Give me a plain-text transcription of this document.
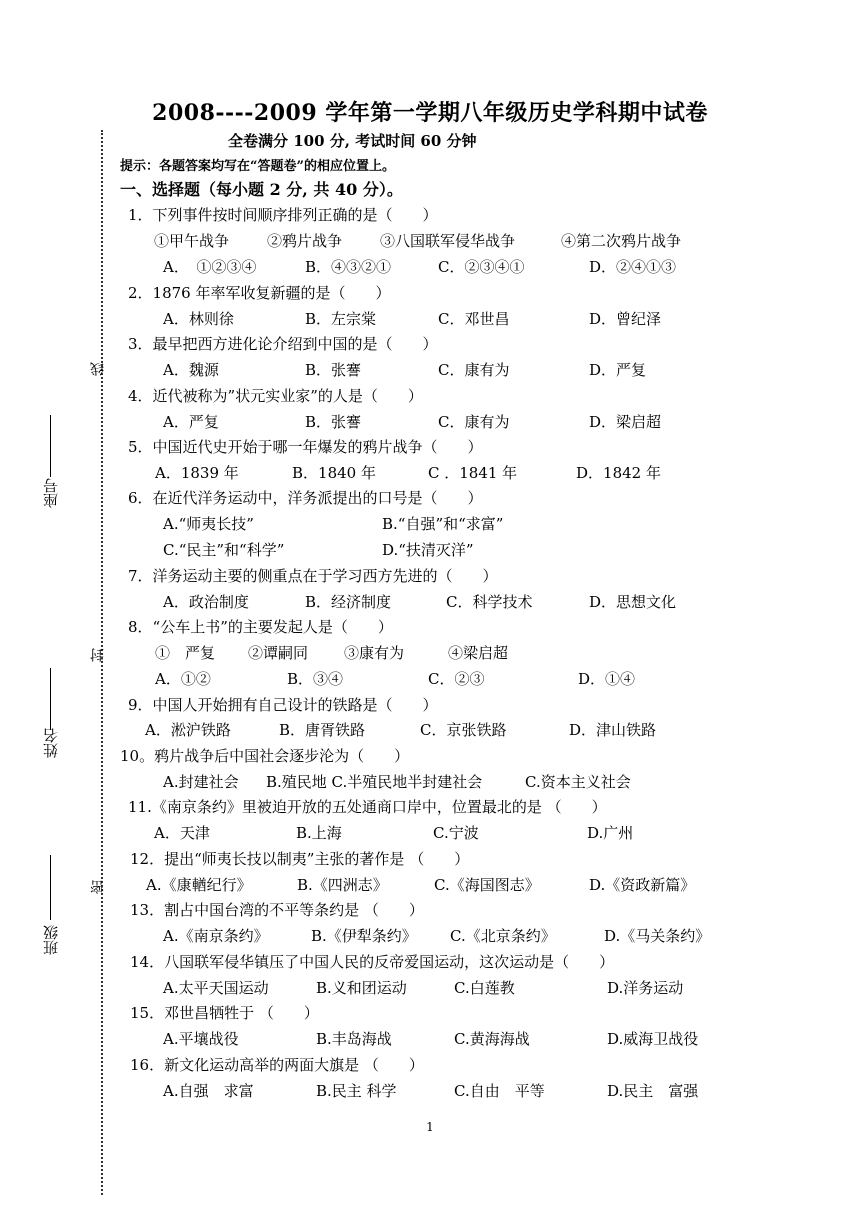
2008----2009 学年第一学期八年级历史学科期中试卷
全卷满分 100 分, 考试时间 60 分钟
提示：各题答案均写在“答题卷”的相应位置上。
一、选择题（每小题 2 分, 共 40 分）。
线
封
密
座号
姓名
班级
1．下列事件按时间顺序排列正确的是（　　）
①甲午战争	②鸦片战争	③八国联军侵华战争	④第二次鸦片战争
A．　①②③④	B．④③②①	C．②③④①	D．②④①③
2．1876 年率军收复新疆的是（　　）
A．林则徐	B．左宗棠	C．邓世昌	D．曾纪泽
3．最早把西方进化论介绍到中国的是（　　）
A．魏源	B．张謇	C．康有为	D．严复
4．近代被称为”状元实业家”的人是（　　）
A．严复	B．张謇	C．康有为	D．梁启超
5．中国近代史开始于哪一年爆发的鸦片战争（　　）
A．1839 年	B．1840 年	C ．1841 年	D．1842 年
6．在近代洋务运动中，洋务派提出的口号是（　　）
A.“师夷长技”	B.“自强”和“求富”
C.“民主”和“科学”	D.“扶清灭洋”
7．洋务运动主要的侧重点在于学习西方先进的（　　）
A．政治制度	B．经济制度	C．科学技术	D．思想文化
8．“公车上书”的主要发起人是（　　）
①　严复 ②谭嗣同 ③康有为	④梁启超
A．①②	B．③④	C．②③	D．①④
9．中国人开始拥有自己设计的铁路是（　　）
A．淞沪铁路	B．唐胥铁路	C．京张铁路	D．津山铁路
10。鸦片战争后中国社会逐步沦为（　　）
A.封建社会 B.殖民地 C.半殖民地半封建社会	C.资本主义社会
11.《南京条约》里被迫开放的五处通商口岸中，位置最北的是 （　　）
A．天津	B.上海	C.宁波	D.广州
12．提出“师夷长技以制夷”主张的著作是 （　　）
A.《康輶纪行》	B.《四洲志》	C.《海国图志》	D.《资政新篇》
13．割占中国台湾的不平等条约是 （　　）
A.《南京条约》	B.《伊犁条约》 C.《北京条约》	D.《马关条约》
14．八国联军侵华镇压了中国人民的反帝爱国运动，这次运动是（　　）
A.太平天国运动	B.义和团运动	C.白莲教	D.洋务运动
15．邓世昌牺牲于 （　　）
A.平壤战役	B.丰岛海战	C.黄海海战	D.威海卫战役
16．新文化运动高举的两面大旗是 （　　）
A.自强　求富	B.民主 科学	C.自由　平等	D.民主　富强
1
